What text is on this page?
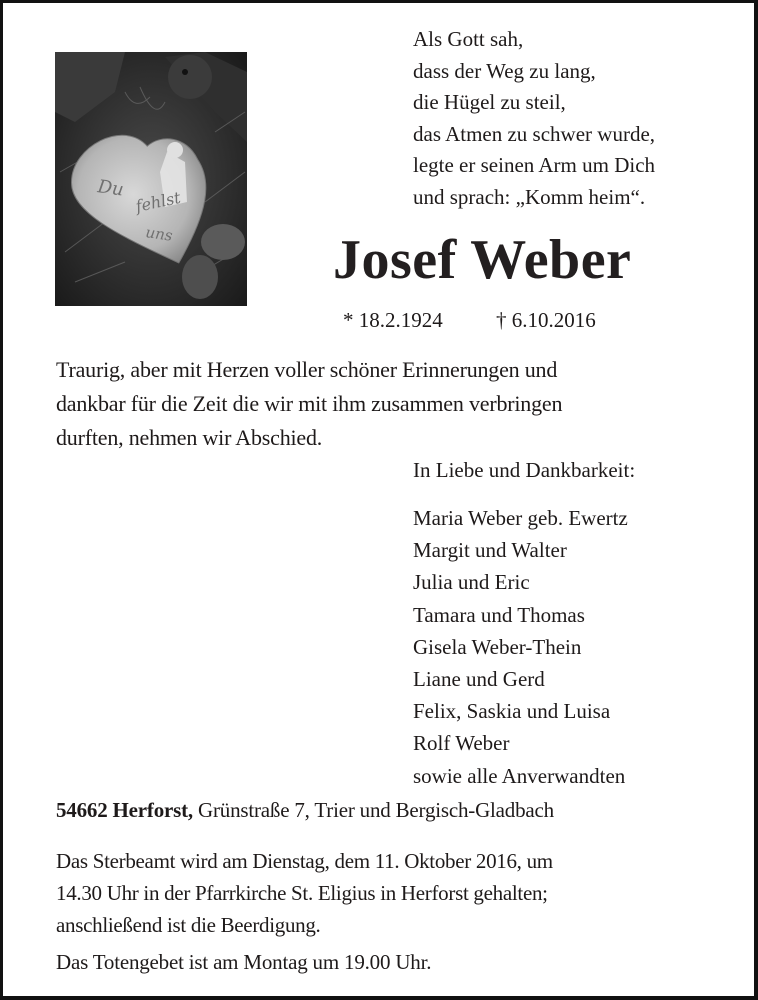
Du fehlst
uns
Als Gott sah,
dass der Weg zu lang,
die Hügel zu steil,
das Atmen zu schwer wurde,
legte er seinen Arm um Dich
und sprach: „Komm heim“.
Josef Weber
* 18.2.1924	† 6.10.2016
Traurig, aber mit Herzen voller schöner Erinnerungen und
dankbar für die Zeit die wir mit ihm zusammen verbringen
durften, nehmen wir Abschied.
In Liebe und Dankbarkeit:
Maria Weber geb. Ewertz
Margit und Walter
Julia und Eric
Tamara und Thomas
Gisela Weber-Thein
Liane und Gerd
Felix, Saskia und Luisa
Rolf Weber
sowie alle Anverwandten
54662 Herforst, Grünstraße 7, Trier und Bergisch-Gladbach
Das Sterbeamt wird am Dienstag, dem 11. Oktober 2016, um
14.30 Uhr in der Pfarrkirche St. Eligius in Herforst gehalten;
anschließend ist die Beerdigung.
Das Totengebet ist am Montag um 19.00 Uhr.
